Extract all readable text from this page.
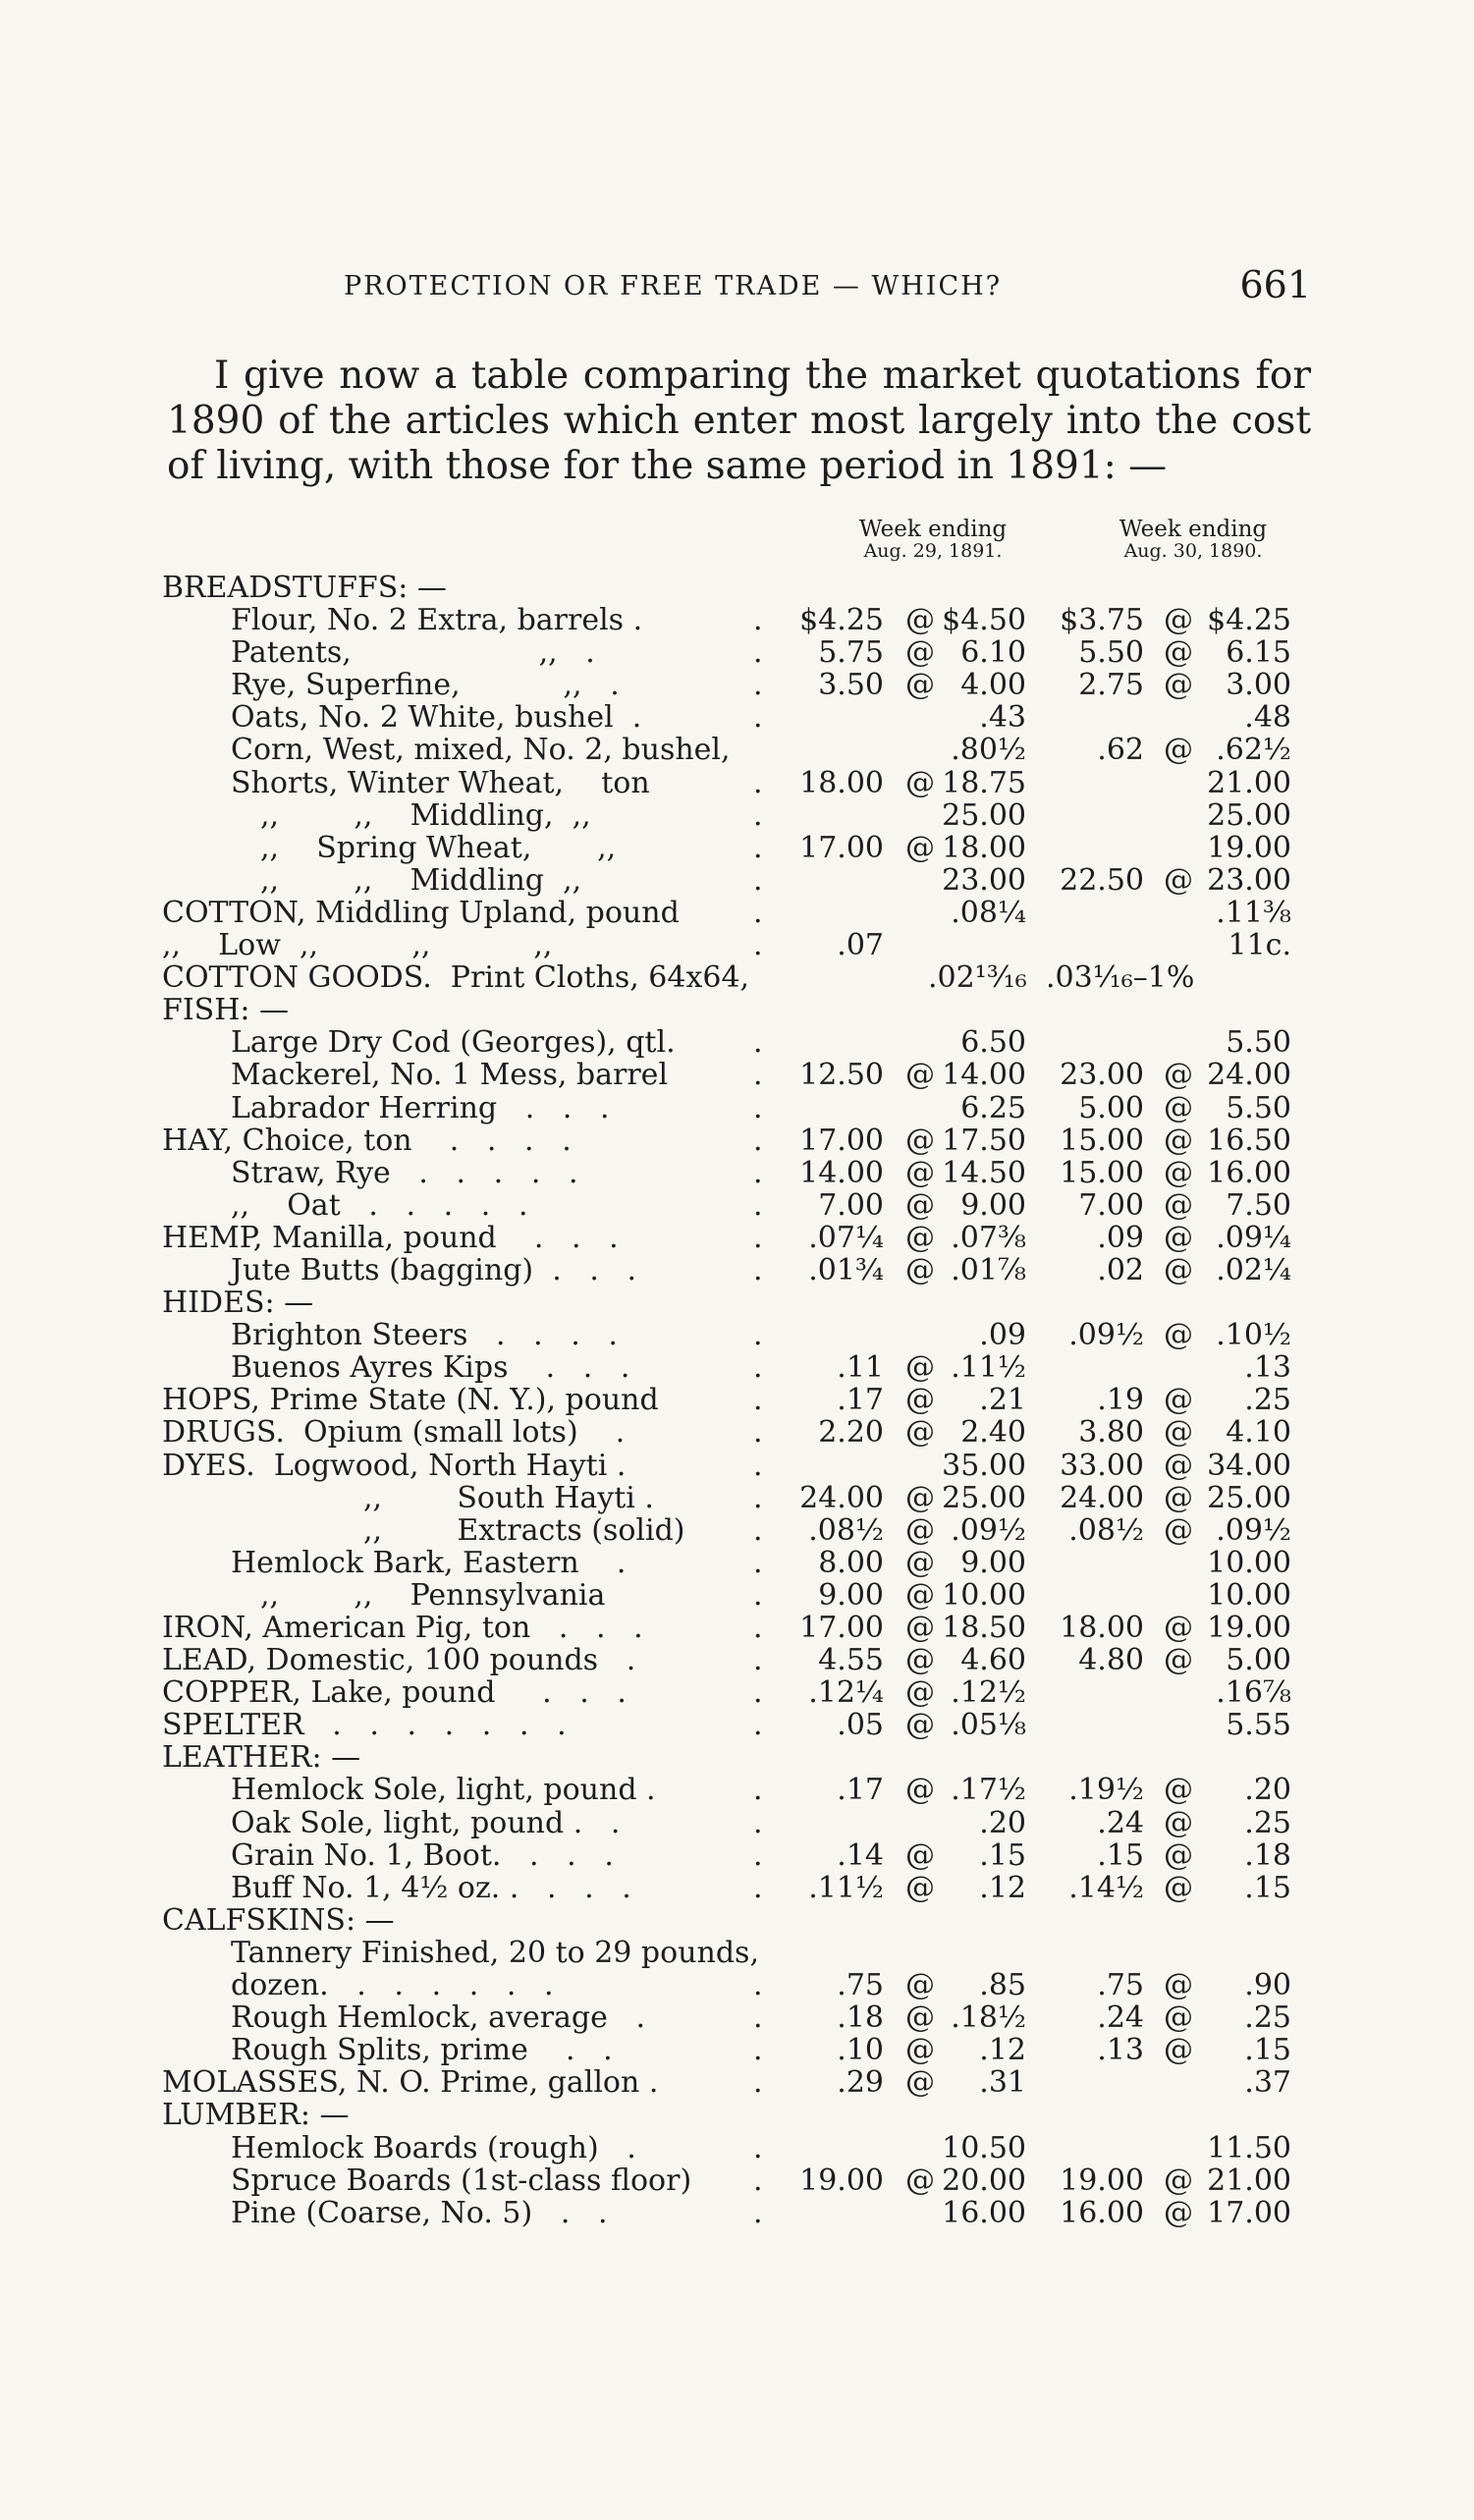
PROTECTION OR FREE TRADE — WHICH?	661

I give now a table comparing the market quotations for 1890 of the articles which enter most largely into the cost of living, with those for the same period in 1891: —

Week ending
Aug. 29, 1891.
Week ending
Aug. 30, 1890.
BREADSTUFFS: —
Flour, No. 2 Extra, barrels .	.	$4.25 @ $4.50	$3.75 @ $4.25
Patents,                    ,,   .	.	5.75 @ 6.10	5.50 @	6.15
Rye, Superfine,           ,,   .	.	3.50 @ 4.00	2.75 @	3.00
Oats, No. 2 White, bushel  .	.	.43	.48
Corn, West, mixed, No. 2, bushel,	.80½	.62 @ .62½
Shorts, Winter Wheat,    ton	.	18.00 @ 18.75	21.00
,,        ,,    Middling,  ,,	.	25.00	25.00
,,    Spring Wheat,       ,,	.	17.00 @ 18.00	19.00
,,        ,,    Middling  ,,	.	23.00	22.50 @ 23.00
COTTON, Middling Upland, pound	.	.08¼	.11⅜
,,    Low  ,,          ,,           ,,	.	.07	11c.
COTTON GOODS.  Print Cloths, 64x64,	.02¹³⁄₁₆ .03¹⁄₁₆–1%
FISH: —
Large Dry Cod (Georges), qtl.	.	6.50	5.50
Mackerel, No. 1 Mess, barrel	.	12.50 @ 14.00	23.00 @ 24.00
Labrador Herring   .   .   .	.	6.25	5.00 @	5.50
HAY, Choice, ton    .   .   .   .	.	17.00 @ 17.50	15.00 @ 16.50
Straw, Rye   .   .   .   .   .	.	14.00 @ 14.50	15.00 @ 16.00
,,    Oat   .   .   .   .   .	.	7.00 @ 9.00	7.00 @	7.50
HEMP, Manilla, pound    .   .   .	.	.07¼ @ .07⅜	.09 @ .09¼
Jute Butts (bagging)  .   .   .	.	.01¾ @ .01⅞	.02 @ .02¼
HIDES: —
Brighton Steers   .   .   .   .	.	.09	.09½ @ .10½
Buenos Ayres Kips    .   .   .	.	.11 @ .11½	.13
HOPS, Prime State (N. Y.), pound	.	.17 @	.21	.19 @	.25
DRUGS.  Opium (small lots)    .	.	2.20 @ 2.40	3.80 @	4.10
DYES.  Logwood, North Hayti .	.	35.00	33.00 @ 34.00
,,        South Hayti .	.	24.00 @ 25.00	24.00 @ 25.00
,,        Extracts (solid) .	.08½ @ .09½	.08½ @ .09½
Hemlock Bark, Eastern    .	.	8.00 @ 9.00	10.00
,,        ,,    Pennsylvania	.	9.00 @ 10.00	10.00
IRON, American Pig, ton   .   .   .	.	17.00 @ 18.50	18.00 @ 19.00
LEAD, Domestic, 100 pounds   .	.	4.55 @ 4.60	4.80 @	5.00
COPPER, Lake, pound     .   .   .	.	.12¼ @ .12½	.16⅞
SPELTER   .   .   .   .   .   .   .	.	.05 @ .05⅛	5.55
LEATHER: —
Hemlock Sole, light, pound .	.	.17 @ .17½	.19½ @	.20
Oak Sole, light, pound .   .	.	.20	.24 @	.25
Grain No. 1, Boot.   .   .   .	.	.14 @	.15	.15 @	.18
Buff No. 1, 4½ oz. .   .   .   .	.	.11½ @	.12	.14½ @	.15
CALFSKINS: —
Tannery Finished, 20 to 29 pounds,
dozen.   .   .   .   .   .   .	.	.75 @	.85	.75 @	.90
Rough Hemlock, average   .	.	.18 @ .18½	.24 @	.25
Rough Splits, prime    .   .	.	.10 @	.12	.13 @	.15
MOLASSES, N. O. Prime, gallon .	.	.29 @	.31	.37
LUMBER: —
Hemlock Boards (rough)   .	.	10.50	11.50
Spruce Boards (1st-class floor) .	19.00 @ 20.00	19.00 @ 21.00
Pine (Coarse, No. 5)   .   .	.	16.00	16.00 @ 17.00
